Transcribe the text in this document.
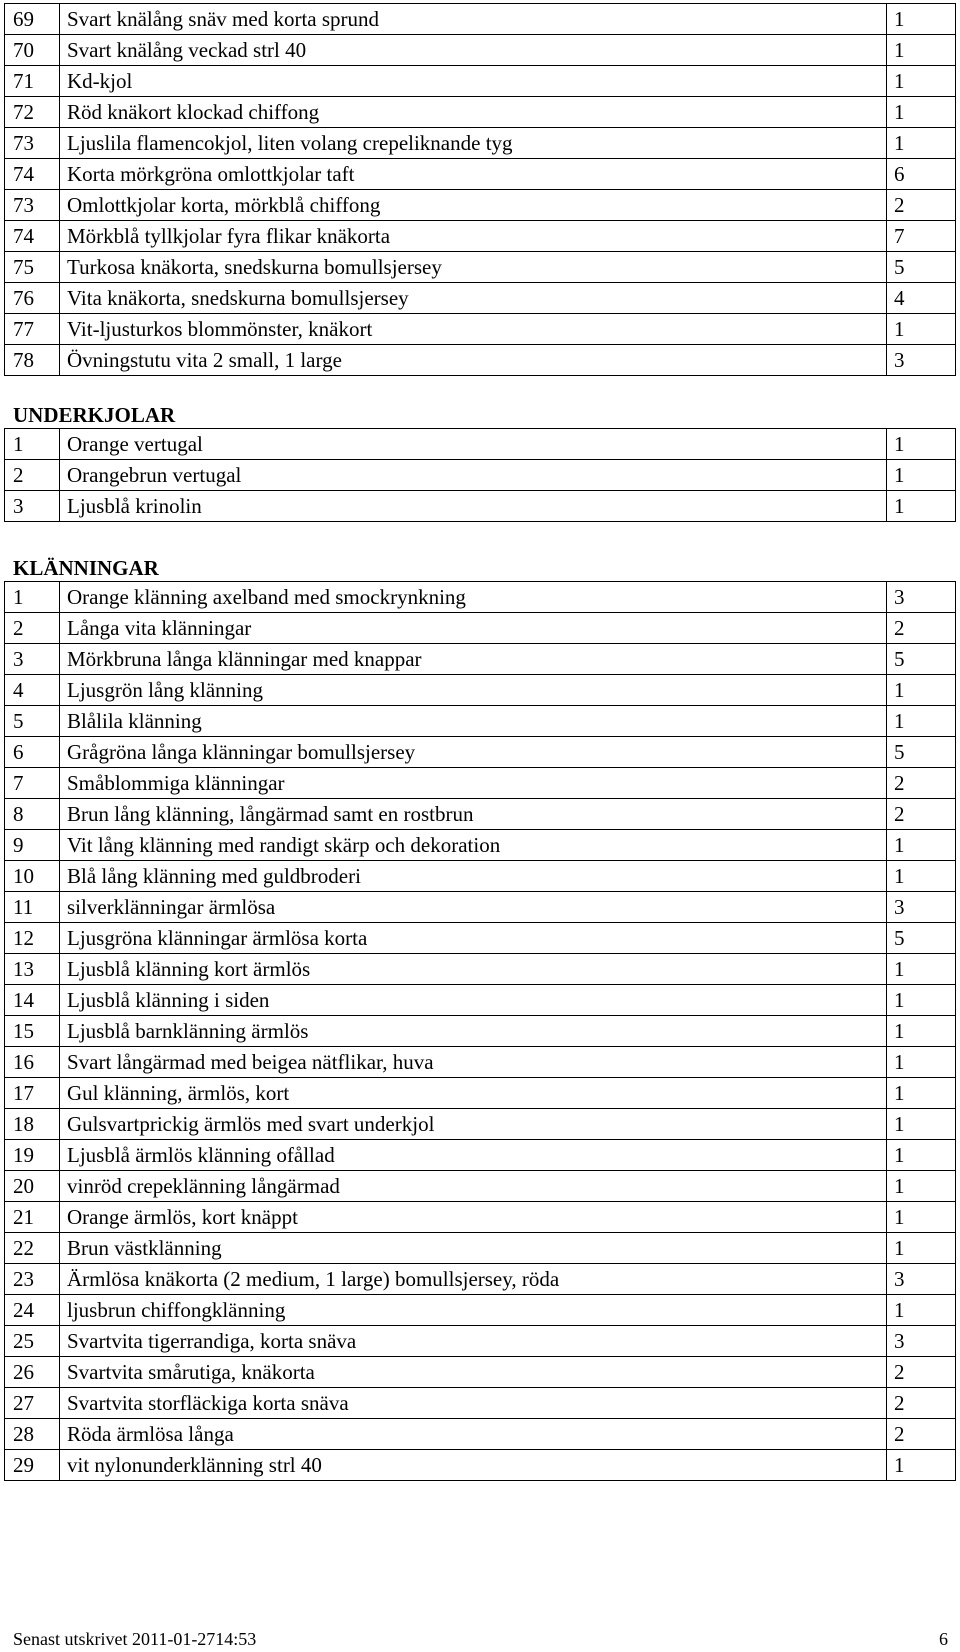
69	Svart knälång snäv med korta sprund	1
70	Svart knälång veckad strl 40	1
71	Kd-kjol	1
72	Röd knäkort klockad chiffong	1
73	Ljuslila flamencokjol, liten volang crepeliknande tyg	1
74	Korta mörkgröna omlottkjolar taft	6
73	Omlottkjolar korta, mörkblå chiffong	2
74	Mörkblå tyllkjolar fyra flikar knäkorta	7
75	Turkosa knäkorta, snedskurna bomullsjersey	5
76	Vita knäkorta, snedskurna bomullsjersey	4
77	Vit-ljusturkos blommönster, knäkort	1
78	Övningstutu vita 2 small, 1 large	3
UNDERKJOLAR
1	Orange vertugal	1
2	Orangebrun vertugal	1
3	Ljusblå krinolin	1
KLÄNNINGAR
1	Orange klänning axelband med smockrynkning	3
2	Långa vita klänningar	2
3	Mörkbruna långa klänningar med knappar	5
4	Ljusgrön lång klänning	1
5	Blålila klänning	1
6	Grågröna långa klänningar bomullsjersey	5
7	Småblommiga klänningar	2
8	Brun lång klänning, långärmad samt en rostbrun	2
9	Vit lång klänning med randigt skärp och dekoration	1
10	Blå lång klänning med guldbroderi	1
11	silverklänningar ärmlösa	3
12	Ljusgröna klänningar ärmlösa korta	5
13	Ljusblå klänning kort ärmlös	1
14	Ljusblå klänning i siden	1
15	Ljusblå barnklänning ärmlös	1
16	Svart långärmad med beigea nätflikar, huva	1
17	Gul klänning, ärmlös, kort	1
18	Gulsvartprickig ärmlös med svart underkjol	1
19	Ljusblå ärmlös klänning ofållad	1
20	vinröd crepeklänning långärmad	1
21	Orange ärmlös, kort knäppt	1
22	Brun västklänning	1
23	Ärmlösa knäkorta (2 medium, 1 large) bomullsjersey, röda	3
24	ljusbrun chiffongklänning	1
25	Svartvita tigerrandiga, korta snäva	3
26	Svartvita smårutiga, knäkorta	2
27	Svartvita storfläckiga korta snäva	2
28	Röda ärmlösa långa	2
29	vit nylonunderklänning strl 40	1
Senast utskrivet 2011-01-2714:53	6
